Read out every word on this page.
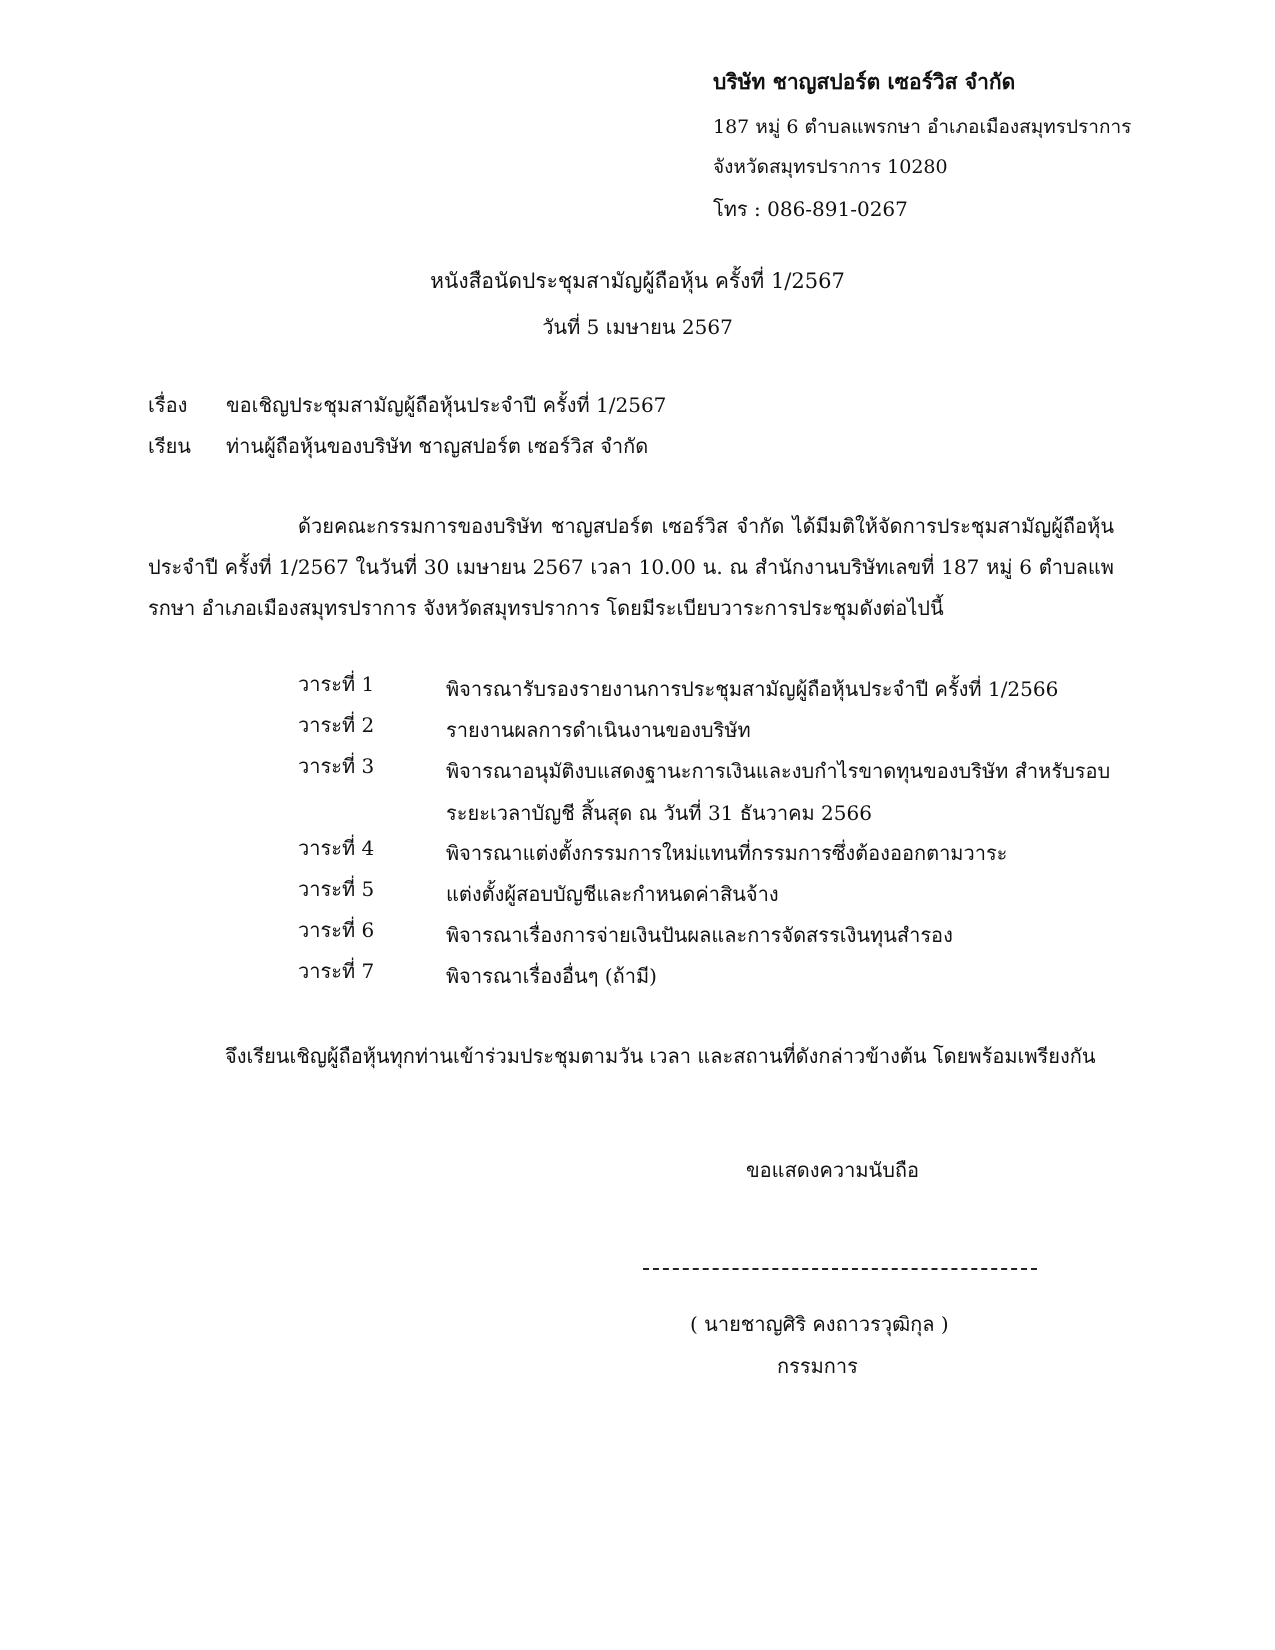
บริษัท ชาญสปอร์ต เซอร์วิส จำกัด
187 หมู่ 6 ตำบลแพรกษา อำเภอเมืองสมุทรปราการ
จังหวัดสมุทรปราการ 10280
โทร : 086-891-0267
หนังสือนัดประชุมสามัญผู้ถือหุ้น ครั้งที่ 1/2567
วันที่ 5 เมษายน 2567
เรื่อง ขอเชิญประชุมสามัญผู้ถือหุ้นประจำปี ครั้งที่ 1/2567
เรียน ท่านผู้ถือหุ้นของบริษัท ชาญสปอร์ต เซอร์วิส จำกัด
ด้วยคณะกรรมการของบริษัท ชาญสปอร์ต เซอร์วิส จำกัด ได้มีมติให้จัดการประชุมสามัญผู้ถือหุ้นประจำปี ครั้งที่ 1/2567 ในวันที่ 30 เมษายน 2567 เวลา 10.00 น. ณ สำนักงานบริษัทเลขที่ 187 หมู่ 6 ตำบลแพรกษา อำเภอเมืองสมุทรปราการ จังหวัดสมุทรปราการ โดยมีระเบียบวาระการประชุมดังต่อไปนี้
วาระที่ 1	พิจารณารับรองรายงานการประชุมสามัญผู้ถือหุ้นประจำปี ครั้งที่ 1/2566
วาระที่ 2	รายงานผลการดำเนินงานของบริษัท
วาระที่ 3	พิจารณาอนุมัติงบแสดงฐานะการเงินและงบกำไรขาดทุนของบริษัท สำหรับรอบระยะเวลาบัญชี สิ้นสุด ณ วันที่ 31 ธันวาคม 2566
วาระที่ 4	พิจารณาแต่งตั้งกรรมการใหม่แทนที่กรรมการซึ่งต้องออกตามวาระ
วาระที่ 5	แต่งตั้งผู้สอบบัญชีและกำหนดค่าสินจ้าง
วาระที่ 6	พิจารณาเรื่องการจ่ายเงินปันผลและการจัดสรรเงินทุนสำรอง
วาระที่ 7	พิจารณาเรื่องอื่นๆ (ถ้ามี)
จึงเรียนเชิญผู้ถือหุ้นทุกท่านเข้าร่วมประชุมตามวัน เวลา และสถานที่ดังกล่าวข้างต้น โดยพร้อมเพรียงกัน
ขอแสดงความนับถือ
( นายชาญศิริ คงถาวรวุฒิกุล )
กรรมการ
